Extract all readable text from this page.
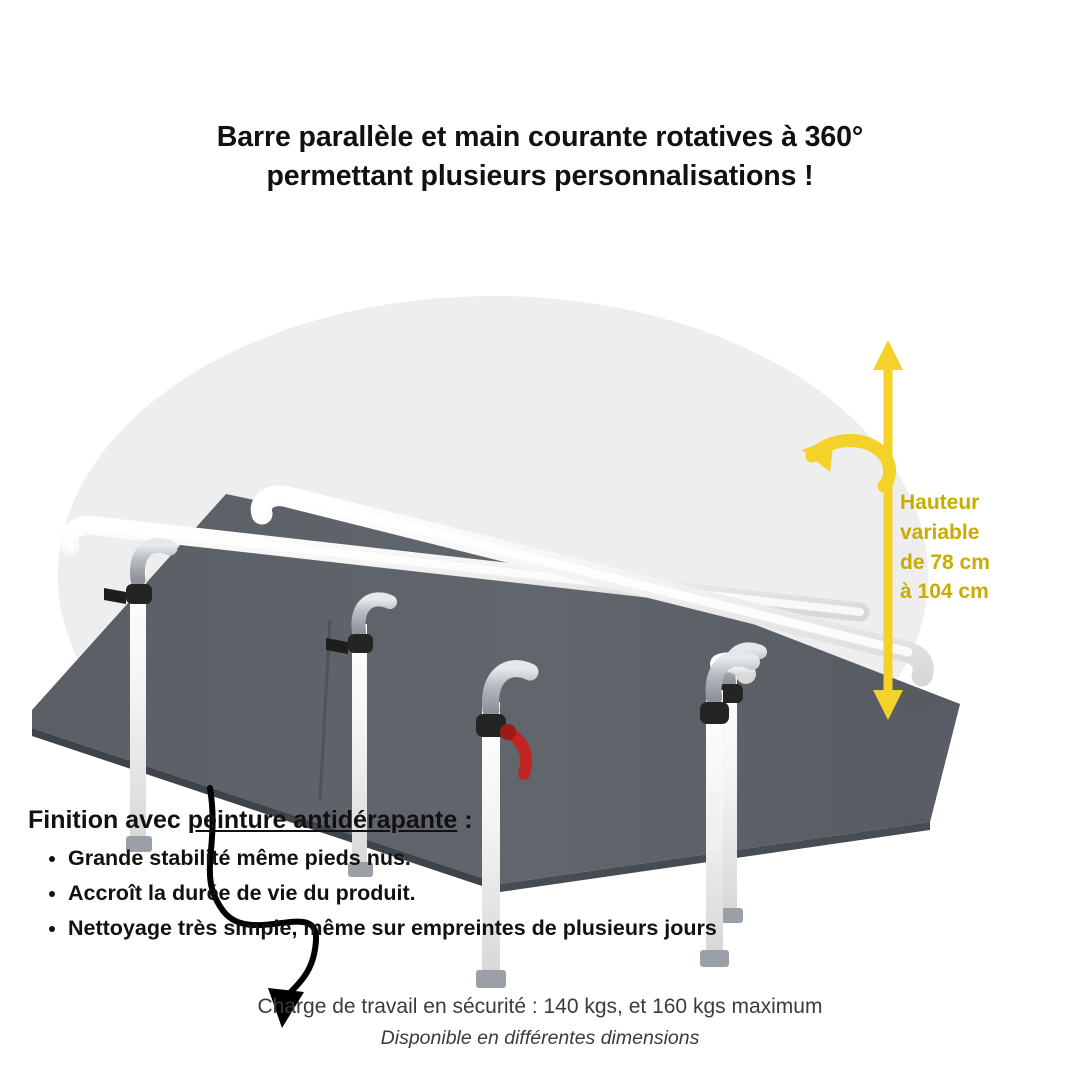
Barre parallèle et main courante rotatives à 360°
permettant plusieurs personnalisations !
Hauteur
variable
de 78 cm
à 104 cm

Finition avec peinture antidérapante :

• Grande stabilité même pieds nus.
• Accroît la durée de vie du produit.
• Nettoyage très simple, même sur empreintes de plusieurs jours
Charge de travail en sécurité : 140 kgs, et 160 kgs maximum
Disponible en différentes dimensions
